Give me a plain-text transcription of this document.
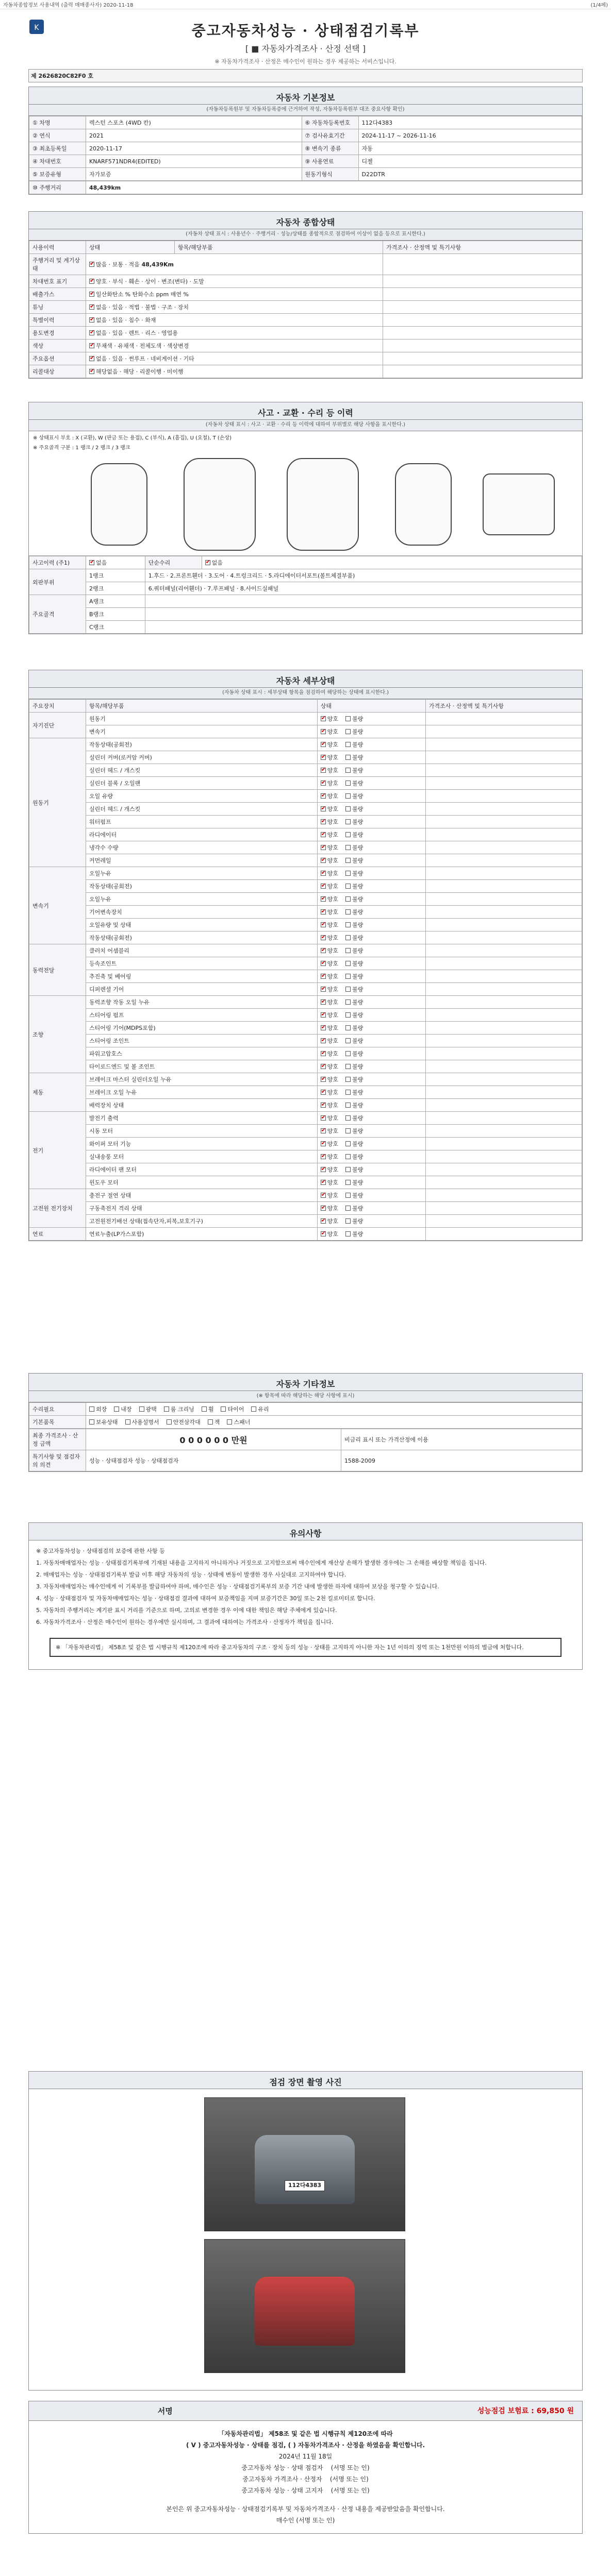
자동차종합정보 사용내역 (출력 매매종사자) 2020-11-18	(1/4페)
K	중고자동차성능 · 상태점검기록부
[ ■ 자동차가격조사 · 산정 선택 ]
※ 자동차가격조사 · 산정은 매수인이 원하는 경우 제공하는 서비스입니다.
제 2626820C82F0 호
자동차 기본정보
(자동차등록원부 및 자동차등록증에 근거하여 작성, 자동차등록원부 대조 중요사항 확인)
① 차명	렉스턴 스포츠 (4WD 칸)	⑥ 자동차등록번호	112다4383
② 연식	2021	⑦ 검사유효기간	2024-11-17 ~ 2026-11-16
③ 최초등록일	2020-11-17	⑧ 변속기 종류	자동
④ 차대번호	KNARF571NDR4(EDITED)	⑨ 사용연료	디젤
⑤ 보증유형	자가보증	원동기형식	D22DTR
⑩ 주행거리	48,439km
자동차 종합상태
(자동차 상태 표시 : 사용년수 · 주행거리 · 성능/상태를 종합적으로 점검하여 이상이 없음 등으로 표시한다.)
사용이력	상태	항목/해당부품	가격조사 · 산정액 및 특기사항
주행거리 및 계기상태	✔많음 · 보통 · 적음 48,439Km	
차대번호 표기	✔양호 · 부식 · 훼손 · 상이 · 변조(변타) · 도말	
배출가스	✔일산화탄소 % 탄화수소 ppm 매연 %	
튜닝	✔없음 · 있음 · 적법 · 불법 · 구조 · 장치	
특별이력	✔없음 · 있음 · 침수 · 화재	
용도변경	✔없음 · 있음 · 렌트 · 리스 · 영업용	
색상	✔무채색 · 유채색 · 전체도색 · 색상변경	
주요옵션	✔없음 · 있음 · 썬루프 · 네비게이션 · 기타	
리콜대상	✔해당없음 · 해당 · 리콜이행 · 미이행	
사고 · 교환 · 수리 등 이력
(자동차 상태 표시 : 사고 · 교환 · 수리 등 이력에 대하여 부위별로 해당 사항을 표시한다.)
※ 상태표시 부호 : X (교환), W (판금 또는 용접), C (부식), A (흠집), U (요철), T (손상)
※ 주요골격 구분 : 1 랭크 / 2 랭크 / 3 랭크
사고이력 (주1)	✔없음	단순수리	✔없음
외판부위	1랭크	1.후드 · 2.프론트휀더 · 3.도어 · 4.트렁크리드 · 5.라디에이터서포트(볼트체결부품)	
	2랭크	6.쿼터패널(리어휀더) · 7.루프패널 · 8.사이드실패널	
주요골격	A랭크		
	B랭크		
	C랭크		
자동차 세부상태
(자동차 상태 표시 : 세부상태 항목을 점검하여 해당하는 상태에 표시한다.)
주요장치	항목/해당부품	상태	가격조사 · 산정액 및 특기사항
자기진단	원동기	✔양호 불량	
	변속기	✔양호 불량	
원동기	작동상태(공회전)	✔양호 불량	
	실린더 커버(로커암 커버)	✔양호 불량	
	실린더 헤드 / 개스킷	✔양호 불량	
	실린더 블록 / 오일팬	✔양호 불량	
	오일 유량	✔양호 불량	
	실린더 헤드 / 개스킷	✔양호 불량	
	워터펌프	✔양호 불량	
	라디에이터	✔양호 불량	
	냉각수 수량	✔양호 불량	
	커먼레일	✔양호 불량	
변속기	오일누유	✔양호 불량	
	작동상태(공회전)	✔양호 불량	
	오일누유	✔양호 불량	
	기어변속장치	✔양호 불량	
	오일유량 및 상태	✔양호 불량	
	작동상태(공회전)	✔양호 불량	
동력전달	클러치 어셈블리	✔양호 불량	
	등속조인트	✔양호 불량	
	추진축 및 베어링	✔양호 불량	
	디퍼렌셜 기어	✔양호 불량	
조향	동력조향 작동 오일 누유	✔양호 불량	
	스티어링 펌프	✔양호 불량	
	스티어링 기어(MDPS포함)	✔양호 불량	
	스티어링 조인트	✔양호 불량	
	파워고압호스	✔양호 불량	
	타이로드엔드 및 볼 조인트	✔양호 불량	
제동	브레이크 마스터 실린더오일 누유	✔양호 불량	
	브레이크 오일 누유	✔양호 불량	
	배력장치 상태	✔양호 불량	
전기	발전기 출력	✔양호 불량	
	시동 모터	✔양호 불량	
	와이퍼 모터 기능	✔양호 불량	
	실내송풍 모터	✔양호 불량	
	라디에이터 팬 모터	✔양호 불량	
	윈도우 모터	✔양호 불량	
고전원 전기장치	충전구 절연 상태	✔양호 불량	
	구동축전지 격리 상태	✔양호 불량	
	고전원전기배선 상태(접속단자,피복,보호기구)	✔양호 불량	
연료	연료누출(LP가스포함)	✔양호 불량	
자동차 기타정보
(※ 항목에 따라 해당하는 해당 사항에 표시)
수리필요	외장 내장 광택 룸 크리닝 휠 타이어 유리
기본품목	보유상태 사용설명서 안전삼각대 잭 스패너
최종 가격조사 · 산정 금액	0 0 0 0 0 0 만원	비금리 표시 또는 가격산정에 이용
특기사항 및 점검자의 의견	성능 · 상태점검자 성능 · 상태점검자	1588-2009
유의사항

※ 중고자동차성능 · 상태점검의 보증에 관한 사항 등

1. 자동차매매업자는 성능 · 상태점검기록부에 기재된 내용을 고지하지 아니하거나 거짓으로 고지함으로써 매수인에게 재산상 손해가 발생한 경우에는 그 손해를 배상할 책임을 집니다.

2. 매매업자는 성능 · 상태점검기록부 발급 이후 해당 자동차의 성능 · 상태에 변동이 발생한 경우 사실대로 고지하여야 합니다.

3. 자동차매매업자는 매수인에게 이 기록부를 발급하여야 하며, 매수인은 성능 · 상태점검기록부의 보증 기간 내에 발생한 하자에 대하여 보상을 청구할 수 있습니다.

4. 성능 · 상태점검자 및 자동차매매업자는 성능 · 상태점검 결과에 대하여 보증책임을 지며 보증기간은 30일 또는 2천 킬로미터로 합니다.

5. 자동차의 주행거리는 계기판 표시 거리를 기준으로 하며, 고의로 변경한 경우 이에 대한 책임은 해당 주체에게 있습니다.

6. 자동차가격조사 · 산정은 매수인이 원하는 경우에만 실시하며, 그 결과에 대하여는 가격조사 · 산정자가 책임을 집니다.

※ 「자동차관리법」 제58조 및 같은 법 시행규칙 제120조에 따라 중고자동차의 구조 · 장치 등의 성능 · 상태를 고지하지 아니한 자는 1년 이하의 징역 또는 1천만원 이하의 벌금에 처합니다.
점검 장면 촬영 사진
112다4383
서명	성능점검 보험료 : 69,850 원
「자동차관리법」 제58조 및 같은 법 시행규칙 제120조에 따라
( V ) 중고자동차성능 · 상태를 점검, ( ) 자동차가격조사 · 산정을 하였음을 확인합니다.
2024년 11월 18일
중고자동차 성능 · 상태 점검자 (서명 또는 인)
중고자동차 가격조사 · 산정자 (서명 또는 인)
중고자동차 성능 · 상태 고지자 (서명 또는 인)
본인은 위 중고자동차성능 · 상태점검기록부 및 자동차가격조사 · 산정 내용을 제공받았음을 확인합니다.
매수인 (서명 또는 인)
